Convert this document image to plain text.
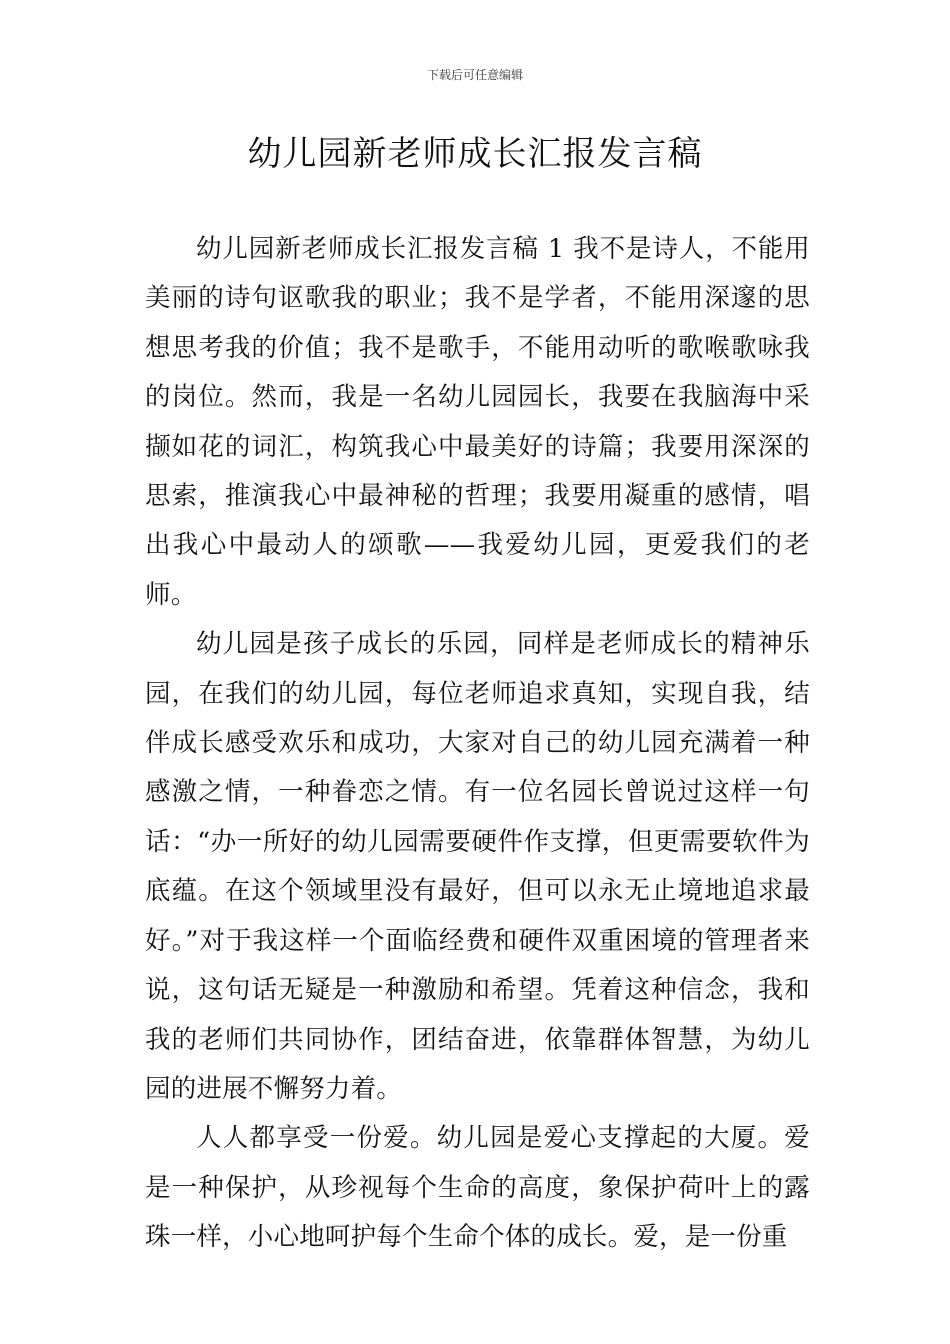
下载后可任意编辑
幼儿园新老师成长汇报发言稿

幼儿园新老师成长汇报发言稿 1 我不是诗人，不能用美丽的诗句讴歌我的职业；我不是学者，不能用深邃的思想思考我的价值；我不是歌手，不能用动听的歌喉歌咏我的岗位。然而，我是一名幼儿园园长，我要在我脑海中采撷如花的词汇，构筑我心中最美好的诗篇；我要用深深的思索，推演我心中最神秘的哲理；我要用凝重的感情，唱出我心中最动人的颂歌——我爱幼儿园，更爱我们的老师。

幼儿园是孩子成长的乐园，同样是老师成长的精神乐园，在我们的幼儿园，每位老师追求真知，实现自我，结伴成长感受欢乐和成功，大家对自己的幼儿园充满着一种感激之情，一种眷恋之情。有一位名园长曾说过这样一句话：“办一所好的幼儿园需要硬件作支撑，但更需要软件为底蕴。在这个领域里没有最好，但可以永无止境地追求最好。”对于我这样一个面临经费和硬件双重困境的管理者来说，这句话无疑是一种激励和希望。凭着这种信念，我和我的老师们共同协作，团结奋进，依靠群体智慧，为幼儿园的进展不懈努力着。

人人都享受一份爱。幼儿园是爱心支撑起的大厦。爱是一种保护，从珍视每个生命的高度，象保护荷叶上的露珠一样，小心地呵护每个生命个体的成长。爱，是一份重
